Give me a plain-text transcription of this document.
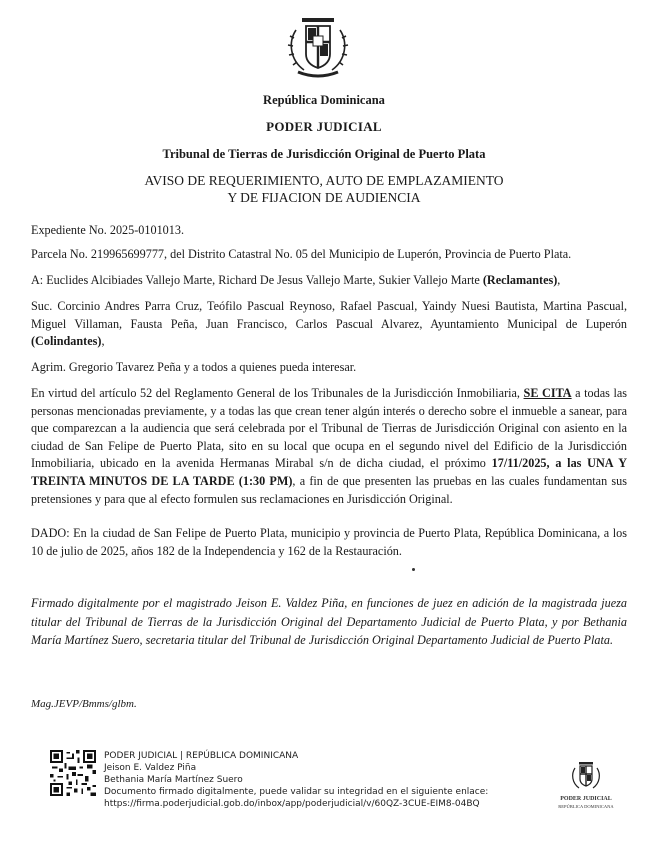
República Dominicana
PODER JUDICIAL
Tribunal de Tierras de Jurisdicción Original de Puerto Plata
AVISO DE REQUERIMIENTO, AUTO DE EMPLAZAMIENTO
Y DE FIJACION DE AUDIENCIA

Expediente No. 2025-0101013.

Parcela No. 219965699777, del Distrito Catastral No. 05 del Municipio de Luperón, Provincia de Puerto Plata.

A: Euclides Alcibiades Vallejo Marte, Richard De Jesus Vallejo Marte, Sukier Vallejo Marte (Reclamantes),

Suc. Corcinio Andres Parra Cruz, Teófilo Pascual Reynoso, Rafael Pascual, Yaindy Nuesi Bautista, Martina Pascual, Miguel Villaman, Fausta Peña, Juan Francisco, Carlos Pascual Alvarez, Ayuntamiento Municipal de Luperón (Colindantes),

Agrim. Gregorio Tavarez Peña y a todos a quienes pueda interesar.

En virtud del artículo 52 del Reglamento General de los Tribunales de la Jurisdicción Inmobiliaria, SE CITA a todas las personas mencionadas previamente, y a todas las que crean tener algún interés o derecho sobre el inmueble a sanear, para que comparezcan a la audiencia que será celebrada por el Tribunal de Tierras de Jurisdicción Original con asiento en la ciudad de San Felipe de Puerto Plata, sito en su local que ocupa en el segundo nivel del Edificio de la Jurisdicción Inmobiliaria, ubicado en la avenida Hermanas Mirabal s/n de dicha ciudad, el próximo 17/11/2025, a las UNA Y TREINTA MINUTOS DE LA TARDE (1:30 PM), a fin de que presenten las pruebas en las cuales fundamentan sus pretensiones y para que al efecto formulen sus reclamaciones en Jurisdicción Original.

DADO: En la ciudad de San Felipe de Puerto Plata, municipio y provincia de Puerto Plata, República Dominicana, a los 10 de julio de 2025, años 182 de la Independencia y 162 de la Restauración.

Firmado digitalmente por el magistrado Jeison E. Valdez Piña, en funciones de juez en adición de la magistrada jueza titular del Tribunal de Tierras de la Jurisdicción Original del Departamento Judicial de Puerto Plata, y por Bethania María Martínez Suero, secretaria titular del Tribunal de Jurisdicción Original Departamento Judicial de Puerto Plata.

Mag.JEVP/Bmms/glbm.

PODER JUDICIAL | REPÚBLICA DOMINICANA
Jeison E. Valdez Piña
Bethania María Martínez Suero
Documento firmado digitalmente, puede validar su integridad en el siguiente enlace:
https://firma.poderjudicial.gob.do/inbox/app/poderjudicial/v/60QZ-3CUE-EIM8-04BQ	PODER JUDICIAL
REPÚBLICA DOMINICANA
